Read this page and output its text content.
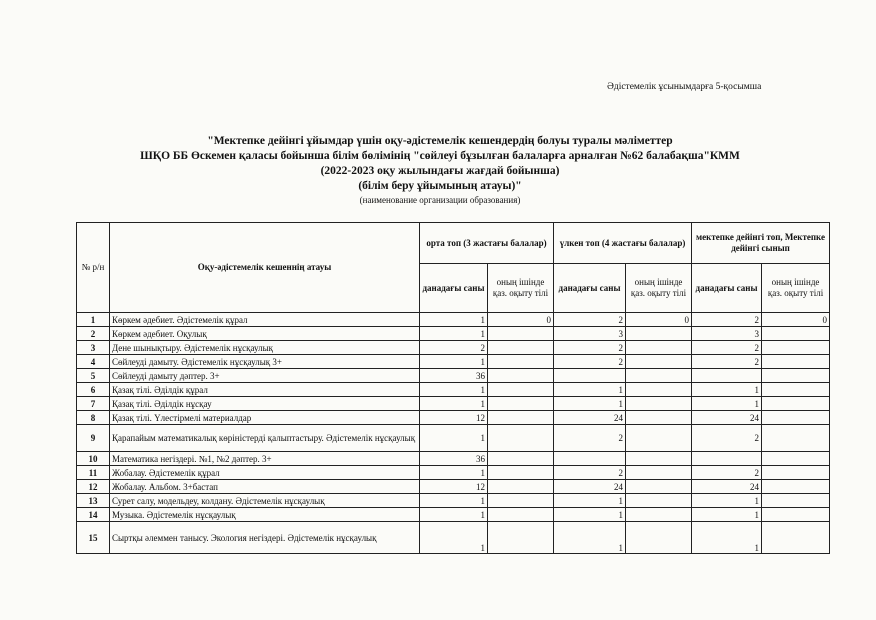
Әдістемелік ұсынымдарға 5-қосымша
"Мектепке дейінгі ұйымдар үшін оқу-әдістемелік кешендердің болуы туралы мәліметтер
ШҚО ББ Өскемен қаласы бойынша білім бөлімінің "сөйлеуі бұзылған балаларға арналған №62 балабақша"КММ
(2022-2023 оқу жылындағы жағдай бойынша)
(білім беру ұйымының атауы)"
(наименование организации образования)
№ р/н	Оқу-әдістемелік кешеннің атауы	орта топ (3 жастағы балалар)	үлкен топ (4 жастағы балалар)	мектепке дейінгі топ, Мектепке дейінгі сынып
данадағы саны	оның ішінде қаз. оқыту тілі	данадағы саны	оның ішінде қаз. оқыту тілі	данадағы саны	оның ішінде қаз. оқыту тілі
1	Көркем әдебиет. Әдістемелік құрал	1	0	2	0	2	0
2	Көркем әдебиет. Оқулық	1		3		3	
3	Дене шынықтыру. Әдістемелік нұсқаулық	2		2		2	
4	Сөйлеуді дамыту. Әдістемелік нұсқаулық 3+	1		2		2	
5	Сөйлеуді дамыту дәптер. 3+	36					
6	Қазақ тілі. Әділдік құрал	1		1		1	
7	Қазақ тілі. Әділдік нұсқау	1		1		1	
8	Қазақ тілі. Үлестірмелі материалдар	12		24		24	
9	Қарапайым математикалық көріністерді қалыптастыру. Әдістемелік нұсқаулық	1		2		2	
10	Математика негіздері. №1, №2 дәптер. 3+	36					
11	Жобалау. Әдістемелік құрал	1		2		2	
12	Жобалау. Альбом. 3+бастап	12		24		24	
13	Сурет салу, модельдеу, колдану. Әдістемелік нұсқаулық	1		1		1	
14	Музыка. Әдістемелік нұсқаулық	1		1		1	
15	Сыртқы әлеммен танысу. Экология негіздері. Әдістемелік нұсқаулық	1		1		1	
